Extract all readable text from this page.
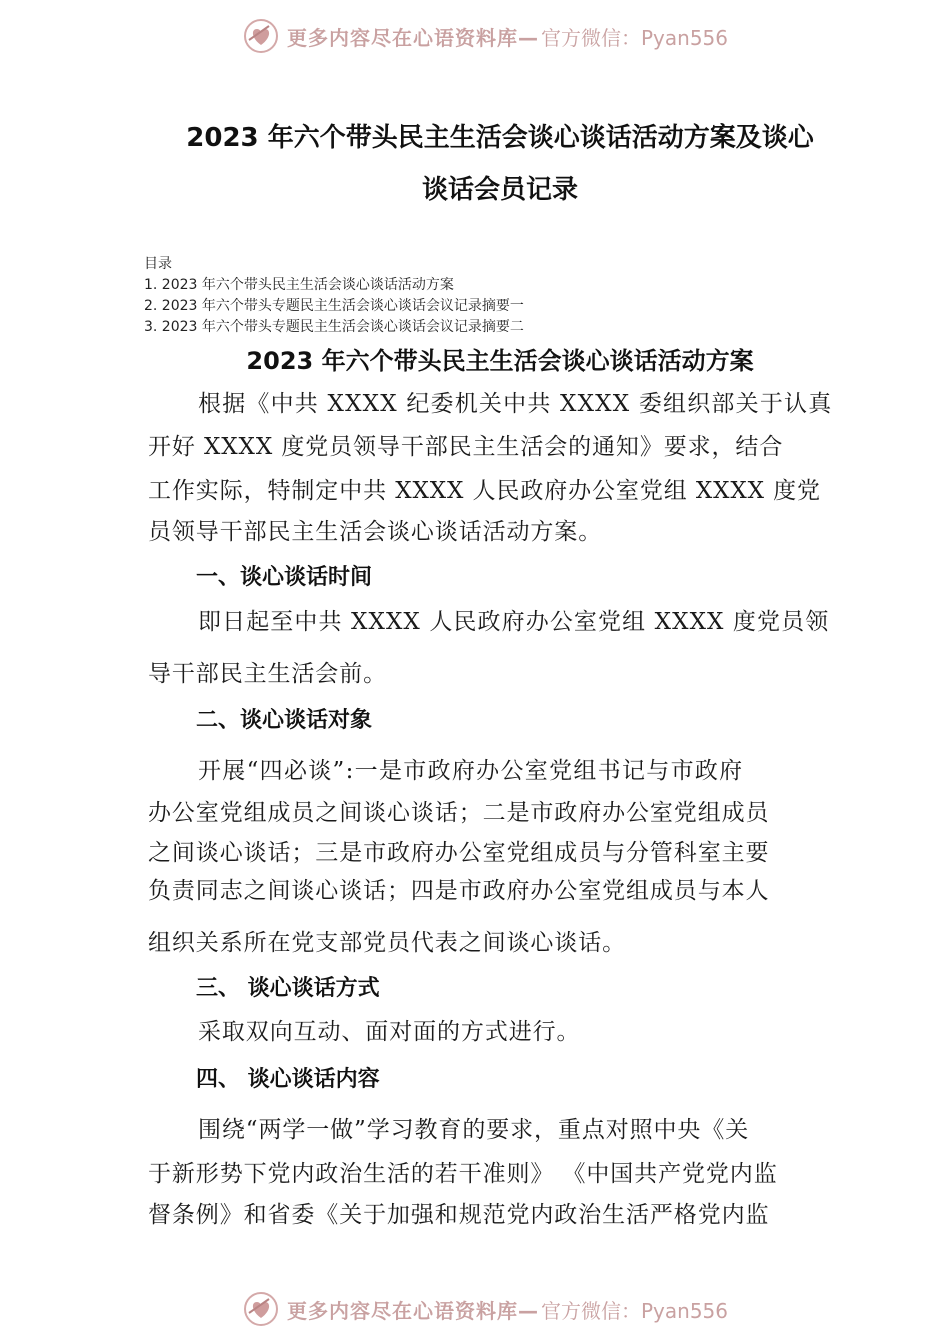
更多内容尽在心语资料库— 官方微信：Pyan556
2023 年六个带头民主生活会谈心谈话活动方案及谈心
谈话会员记录
目录
1. 2023 年六个带头民主生活会谈心谈话活动方案
2. 2023 年六个带头专题民主生活会谈心谈话会议记录摘要一
3. 2023 年六个带头专题民主生活会谈心谈话会议记录摘要二
2023 年六个带头民主生活会谈心谈话活动方案
根据《中共 XXXX 纪委机关中共 XXXX 委组织部关于认真
开好 XXXX 度党员领导干部民主生活会的通知》要求，结合
工作实际，特制定中共 XXXX 人民政府办公室党组 XXXX 度党
员领导干部民主生活会谈心谈话活动方案。
一、谈心谈话时间
即日起至中共 XXXX 人民政府办公室党组 XXXX 度党员领
导干部民主生活会前。
二、谈心谈话对象
开展“四必谈”:一是市政府办公室党组书记与市政府
办公室党组成员之间谈心谈话；二是市政府办公室党组成员
之间谈心谈话；三是市政府办公室党组成员与分管科室主要
负责同志之间谈心谈话；四是市政府办公室党组成员与本人
组织关系所在党支部党员代表之间谈心谈话。
三、 谈心谈话方式
采取双向互动、面对面的方式进行。
四、 谈心谈话内容
围绕“两学一做”学习教育的要求，重点对照中央《关
于新形势下党内政治生活的若干准则》 《中国共产党党内监
督条例》和省委《关于加强和规范党内政治生活严格党内监
更多内容尽在心语资料库— 官方微信：Pyan556
